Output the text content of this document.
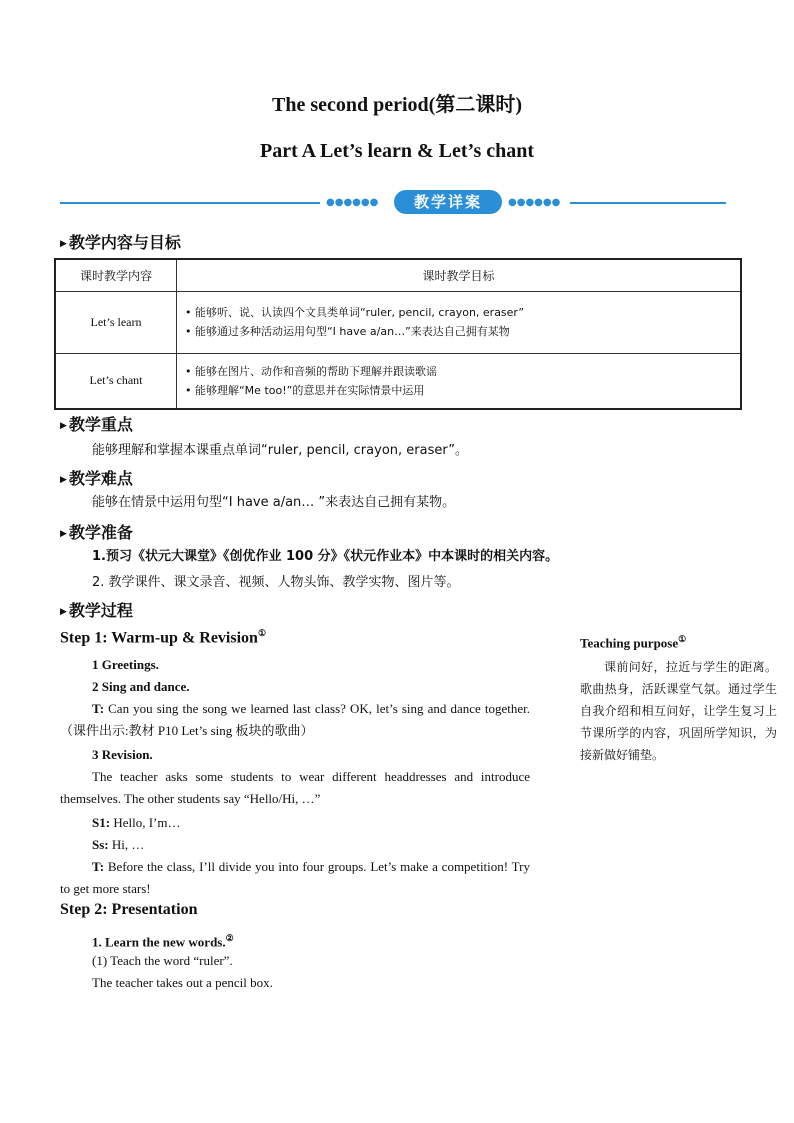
The second period(第二课时)
Part A Let’s learn & Let’s chant
●●●●●●	教学详案	●●●●●●
▶ 教学内容与目标
课时教学内容	课时教学目标
Let’s learn	• 能够听、说、认读四个文具类单词“ruler, pencil, crayon, eraser”
• 能够通过多种活动运用句型“I have a/an…”来表达自己拥有某物

Let’s chant	• 能够在图片、动作和音频的帮助下理解并跟读歌谣
• 能够理解“Me too!”的意思并在实际情景中运用
▶ 教学重点
能够理解和掌握本课重点单词“ruler, pencil, crayon, eraser”。
▶ 教学难点
能够在情景中运用句型“I have a/an… ”来表达自己拥有某物。
▶ 教学准备
1.预习《状元大课堂》《创优作业 100 分》《状元作业本》中本课时的相关内容。
2. 教学课件、课文录音、视频、人物头饰、教学实物、图片等。
▶ 教学过程
Step 1: Warm-up & Revision①
1 Greetings.
2 Sing and dance.
T: Can you sing the song we learned last class? OK, let’s sing and dance together. （课件出示:教材 P10 Let’s sing 板块的歌曲）
3 Revision.
The teacher asks some students to wear different headdresses and introduce themselves. The other students say “Hello/Hi, …”
S1: Hello, I’m…
Ss: Hi, …
T: Before the class, I’ll divide you into four groups. Let’s make a competition! Try to get more stars!
Step 2: Presentation
1. Learn the new words.②
(1) Teach the word “ruler”.
The teacher takes out a pencil box.
Teaching purpose①
课前问好，拉近与学生的距离。歌曲热身，活跃课堂气氛。通过学生自我介绍和相互问好，让学生复习上节课所学的内容，巩固所学知识，为接新做好铺垫。
